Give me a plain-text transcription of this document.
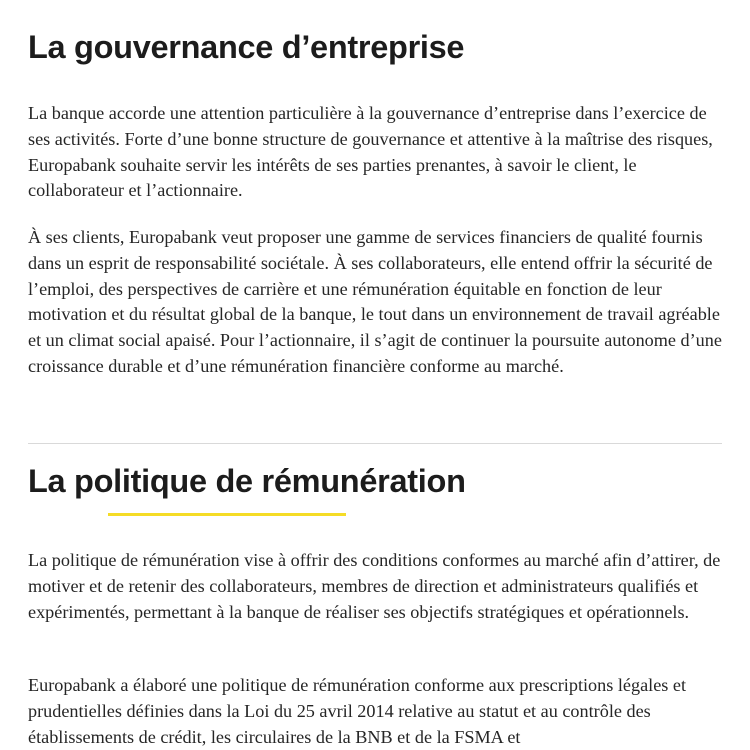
La gouvernance d’entreprise

La banque accorde une attention particulière à la gouvernance d’entreprise dans l’exercice de ses activités. Forte d’une bonne structure de gouvernance et attentive à la maîtrise des risques, Europabank souhaite servir les intérêts de ses parties prenantes, à savoir le client, le collaborateur et l’actionnaire.

À ses clients, Europabank veut proposer une gamme de services financiers de qualité fournis dans un esprit de responsabilité sociétale. À ses collaborateurs, elle entend offrir la sécurité de l’emploi, des perspectives de carrière et une rémunération équitable en fonction de leur motivation et du résultat global de la banque, le tout dans un environnement de travail agréable et un climat social apaisé. Pour l’actionnaire, il s’agit de continuer la poursuite autonome d’une croissance durable et d’une rémunération financière conforme au marché.

La politique de rémunération

La politique de rémunération vise à offrir des conditions conformes au marché afin d’attirer, de motiver et de retenir des collaborateurs, membres de direction et administrateurs qualifiés et expérimentés, permettant à la banque de réaliser ses objectifs stratégiques et opérationnels.

Europabank a élaboré une politique de rémunération conforme aux prescriptions légales et prudentielles définies dans la Loi du 25 avril 2014 relative au statut et au contrôle des établissements de crédit, les circulaires de la BNB et de la FSMA et
